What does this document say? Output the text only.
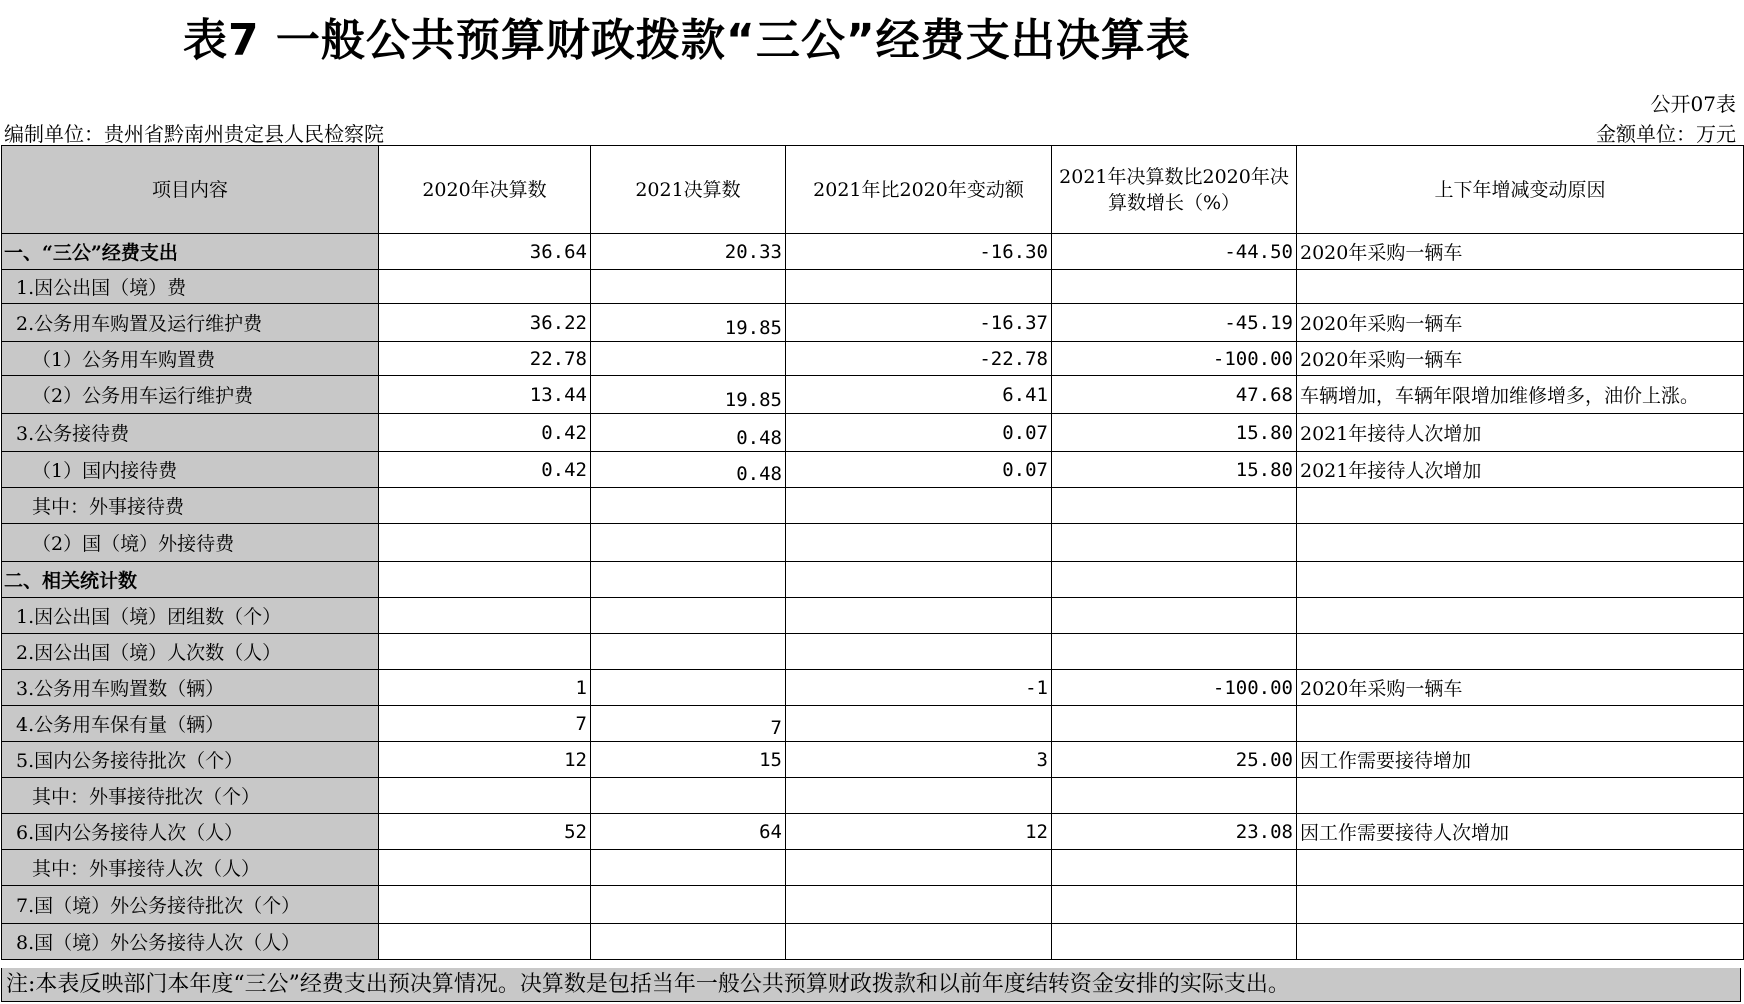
表7 一般公共预算财政拨款“三公”经费支出决算表
公开07表
编制单位：贵州省黔南州贵定县人民检察院	金额单位：万元
项目内容	2020年决算数	2021决算数	2021年比2020年变动额	2021年决算数比2020年决算数增长（%）	上下年增减变动原因
一、“三公”经费支出	36.64	20.33	-16.30	-44.50	2020年采购一辆车
1.因公出国（境）费					
2.公务用车购置及运行维护费	36.22	19.85	-16.37	-45.19	2020年采购一辆车
（1）公务用车购置费	22.78		-22.78	-100.00	2020年采购一辆车
（2）公务用车运行维护费	13.44	19.85	6.41	47.68	车辆增加，车辆年限增加维修增多，油价上涨。
3.公务接待费	0.42	0.48	0.07	15.80	2021年接待人次增加
（1）国内接待费	0.42	0.48	0.07	15.80	2021年接待人次增加
其中：外事接待费					
（2）国（境）外接待费					
二、相关统计数					
1.因公出国（境）团组数（个）					
2.因公出国（境）人次数（人）					
3.公务用车购置数（辆）	1		-1	-100.00	2020年采购一辆车
4.公务用车保有量（辆）	7	7			
5.国内公务接待批次（个）	12	15	3	25.00	因工作需要接待增加
其中：外事接待批次（个）					
6.国内公务接待人次（人）	52	64	12	23.08	因工作需要接待人次增加
其中：外事接待人次（人）					
7.国（境）外公务接待批次（个）					
8.国（境）外公务接待人次（人）					
注:本表反映部门本年度“三公”经费支出预决算情况。决算数是包括当年一般公共预算财政拨款和以前年度结转资金安排的实际支出。
